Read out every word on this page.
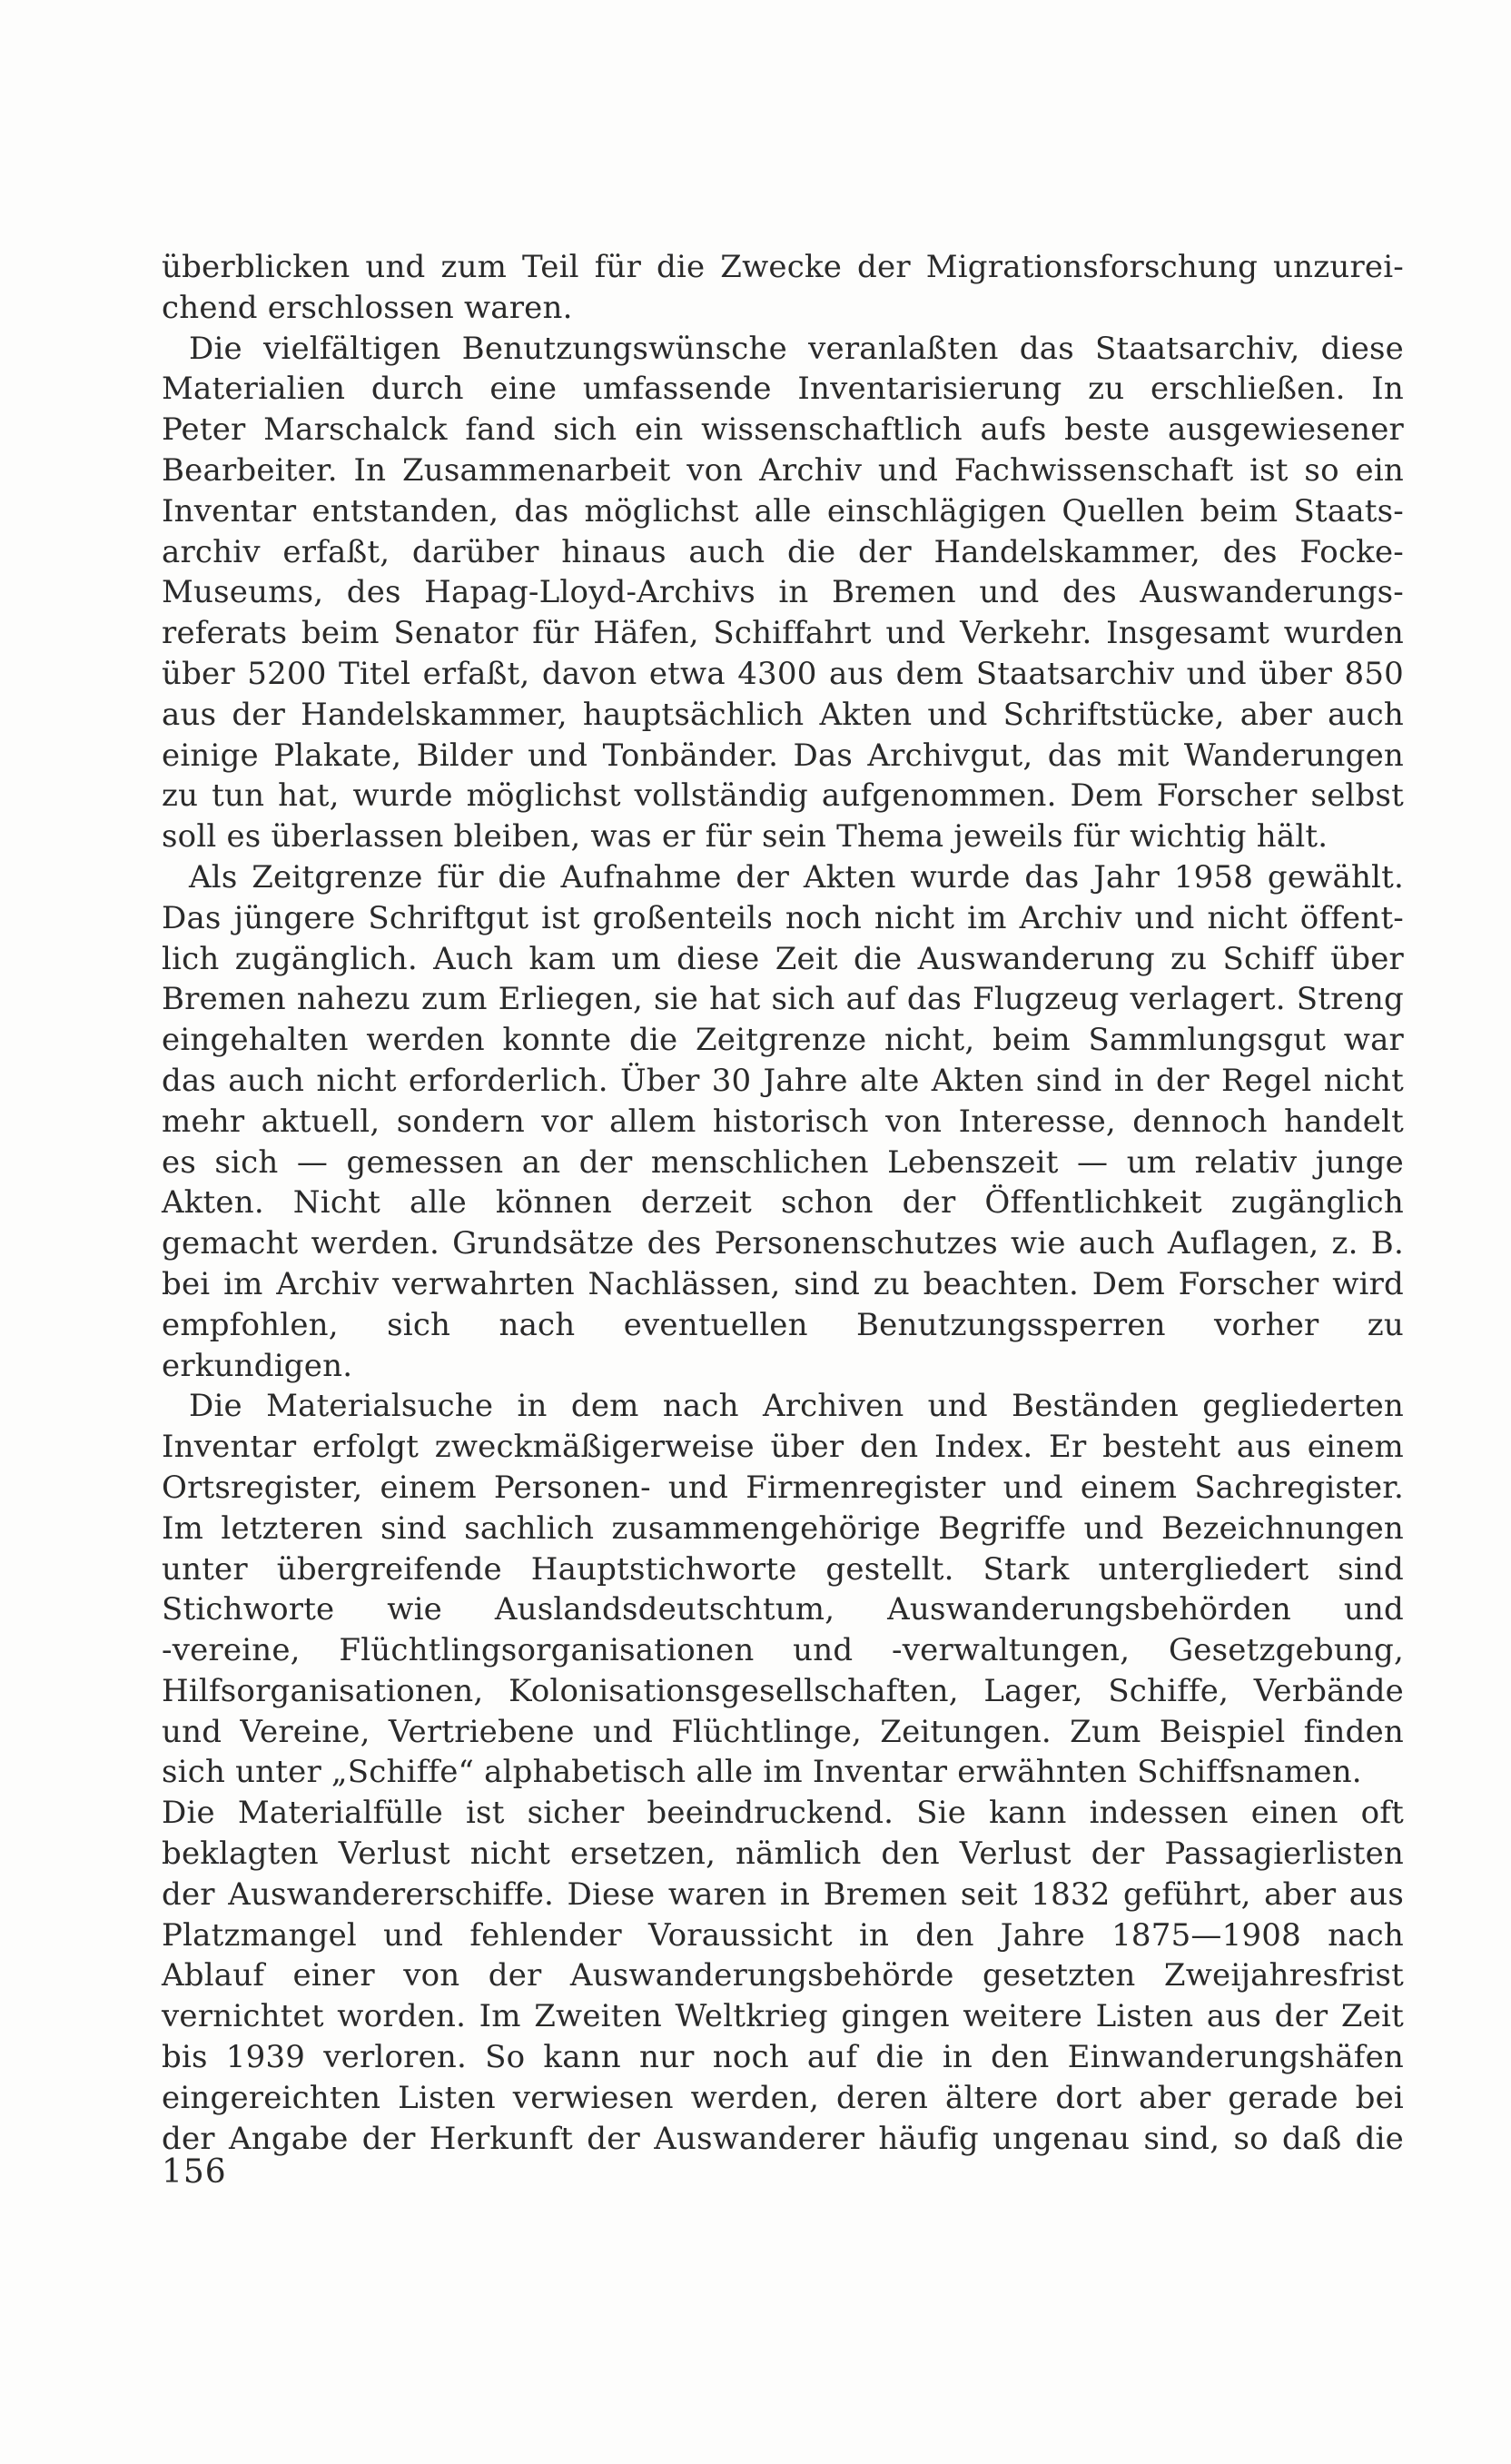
überblicken und zum Teil für die Zwecke der Migrationsforschung unzurei-
chend erschlossen waren.
Die vielfältigen Benutzungswünsche veranlaßten das Staatsarchiv, diese
Materialien durch eine umfassende Inventarisierung zu erschließen. In
Peter Marschalck fand sich ein wissenschaftlich aufs beste ausgewiesener
Bearbeiter. In Zusammenarbeit von Archiv und Fachwissenschaft ist so ein
Inventar entstanden, das möglichst alle einschlägigen Quellen beim Staats-
archiv erfaßt, darüber hinaus auch die der Handelskammer, des Focke-
Museums, des Hapag-Lloyd-Archivs in Bremen und des Auswanderungs-
referats beim Senator für Häfen, Schiffahrt und Verkehr. Insgesamt wurden
über 5200 Titel erfaßt, davon etwa 4300 aus dem Staatsarchiv und über 850
aus der Handelskammer, hauptsächlich Akten und Schriftstücke, aber auch
einige Plakate, Bilder und Tonbänder. Das Archivgut, das mit Wanderungen
zu tun hat, wurde möglichst vollständig aufgenommen. Dem Forscher selbst
soll es überlassen bleiben, was er für sein Thema jeweils für wichtig hält.
Als Zeitgrenze für die Aufnahme der Akten wurde das Jahr 1958 gewählt.
Das jüngere Schriftgut ist großenteils noch nicht im Archiv und nicht öffent-
lich zugänglich. Auch kam um diese Zeit die Auswanderung zu Schiff über
Bremen nahezu zum Erliegen, sie hat sich auf das Flugzeug verlagert. Streng
eingehalten werden konnte die Zeitgrenze nicht, beim Sammlungsgut war
das auch nicht erforderlich. Über 30 Jahre alte Akten sind in der Regel nicht
mehr aktuell, sondern vor allem historisch von Interesse, dennoch handelt
es sich — gemessen an der menschlichen Lebenszeit — um relativ junge
Akten. Nicht alle können derzeit schon der Öffentlichkeit zugänglich
gemacht werden. Grundsätze des Personenschutzes wie auch Auflagen, z. B.
bei im Archiv verwahrten Nachlässen, sind zu beachten. Dem Forscher wird
empfohlen, sich nach eventuellen Benutzungssperren vorher zu
erkundigen.
Die Materialsuche in dem nach Archiven und Beständen gegliederten
Inventar erfolgt zweckmäßigerweise über den Index. Er besteht aus einem
Ortsregister, einem Personen- und Firmenregister und einem Sachregister.
Im letzteren sind sachlich zusammengehörige Begriffe und Bezeichnungen
unter übergreifende Hauptstichworte gestellt. Stark untergliedert sind
Stichworte wie Auslandsdeutschtum, Auswanderungsbehörden und
-vereine, Flüchtlingsorganisationen und -verwaltungen, Gesetzgebung,
Hilfsorganisationen, Kolonisationsgesellschaften, Lager, Schiffe, Verbände
und Vereine, Vertriebene und Flüchtlinge, Zeitungen. Zum Beispiel finden
sich unter „Schiffe“ alphabetisch alle im Inventar erwähnten Schiffsnamen.
Die Materialfülle ist sicher beeindruckend. Sie kann indessen einen oft
beklagten Verlust nicht ersetzen, nämlich den Verlust der Passagierlisten
der Auswandererschiffe. Diese waren in Bremen seit 1832 geführt, aber aus
Platzmangel und fehlender Voraussicht in den Jahre 1875—1908 nach
Ablauf einer von der Auswanderungsbehörde gesetzten Zweijahresfrist
vernichtet worden. Im Zweiten Weltkrieg gingen weitere Listen aus der Zeit
bis 1939 verloren. So kann nur noch auf die in den Einwanderungshäfen
eingereichten Listen verwiesen werden, deren ältere dort aber gerade bei
der Angabe der Herkunft der Auswanderer häufig ungenau sind, so daß die
156
